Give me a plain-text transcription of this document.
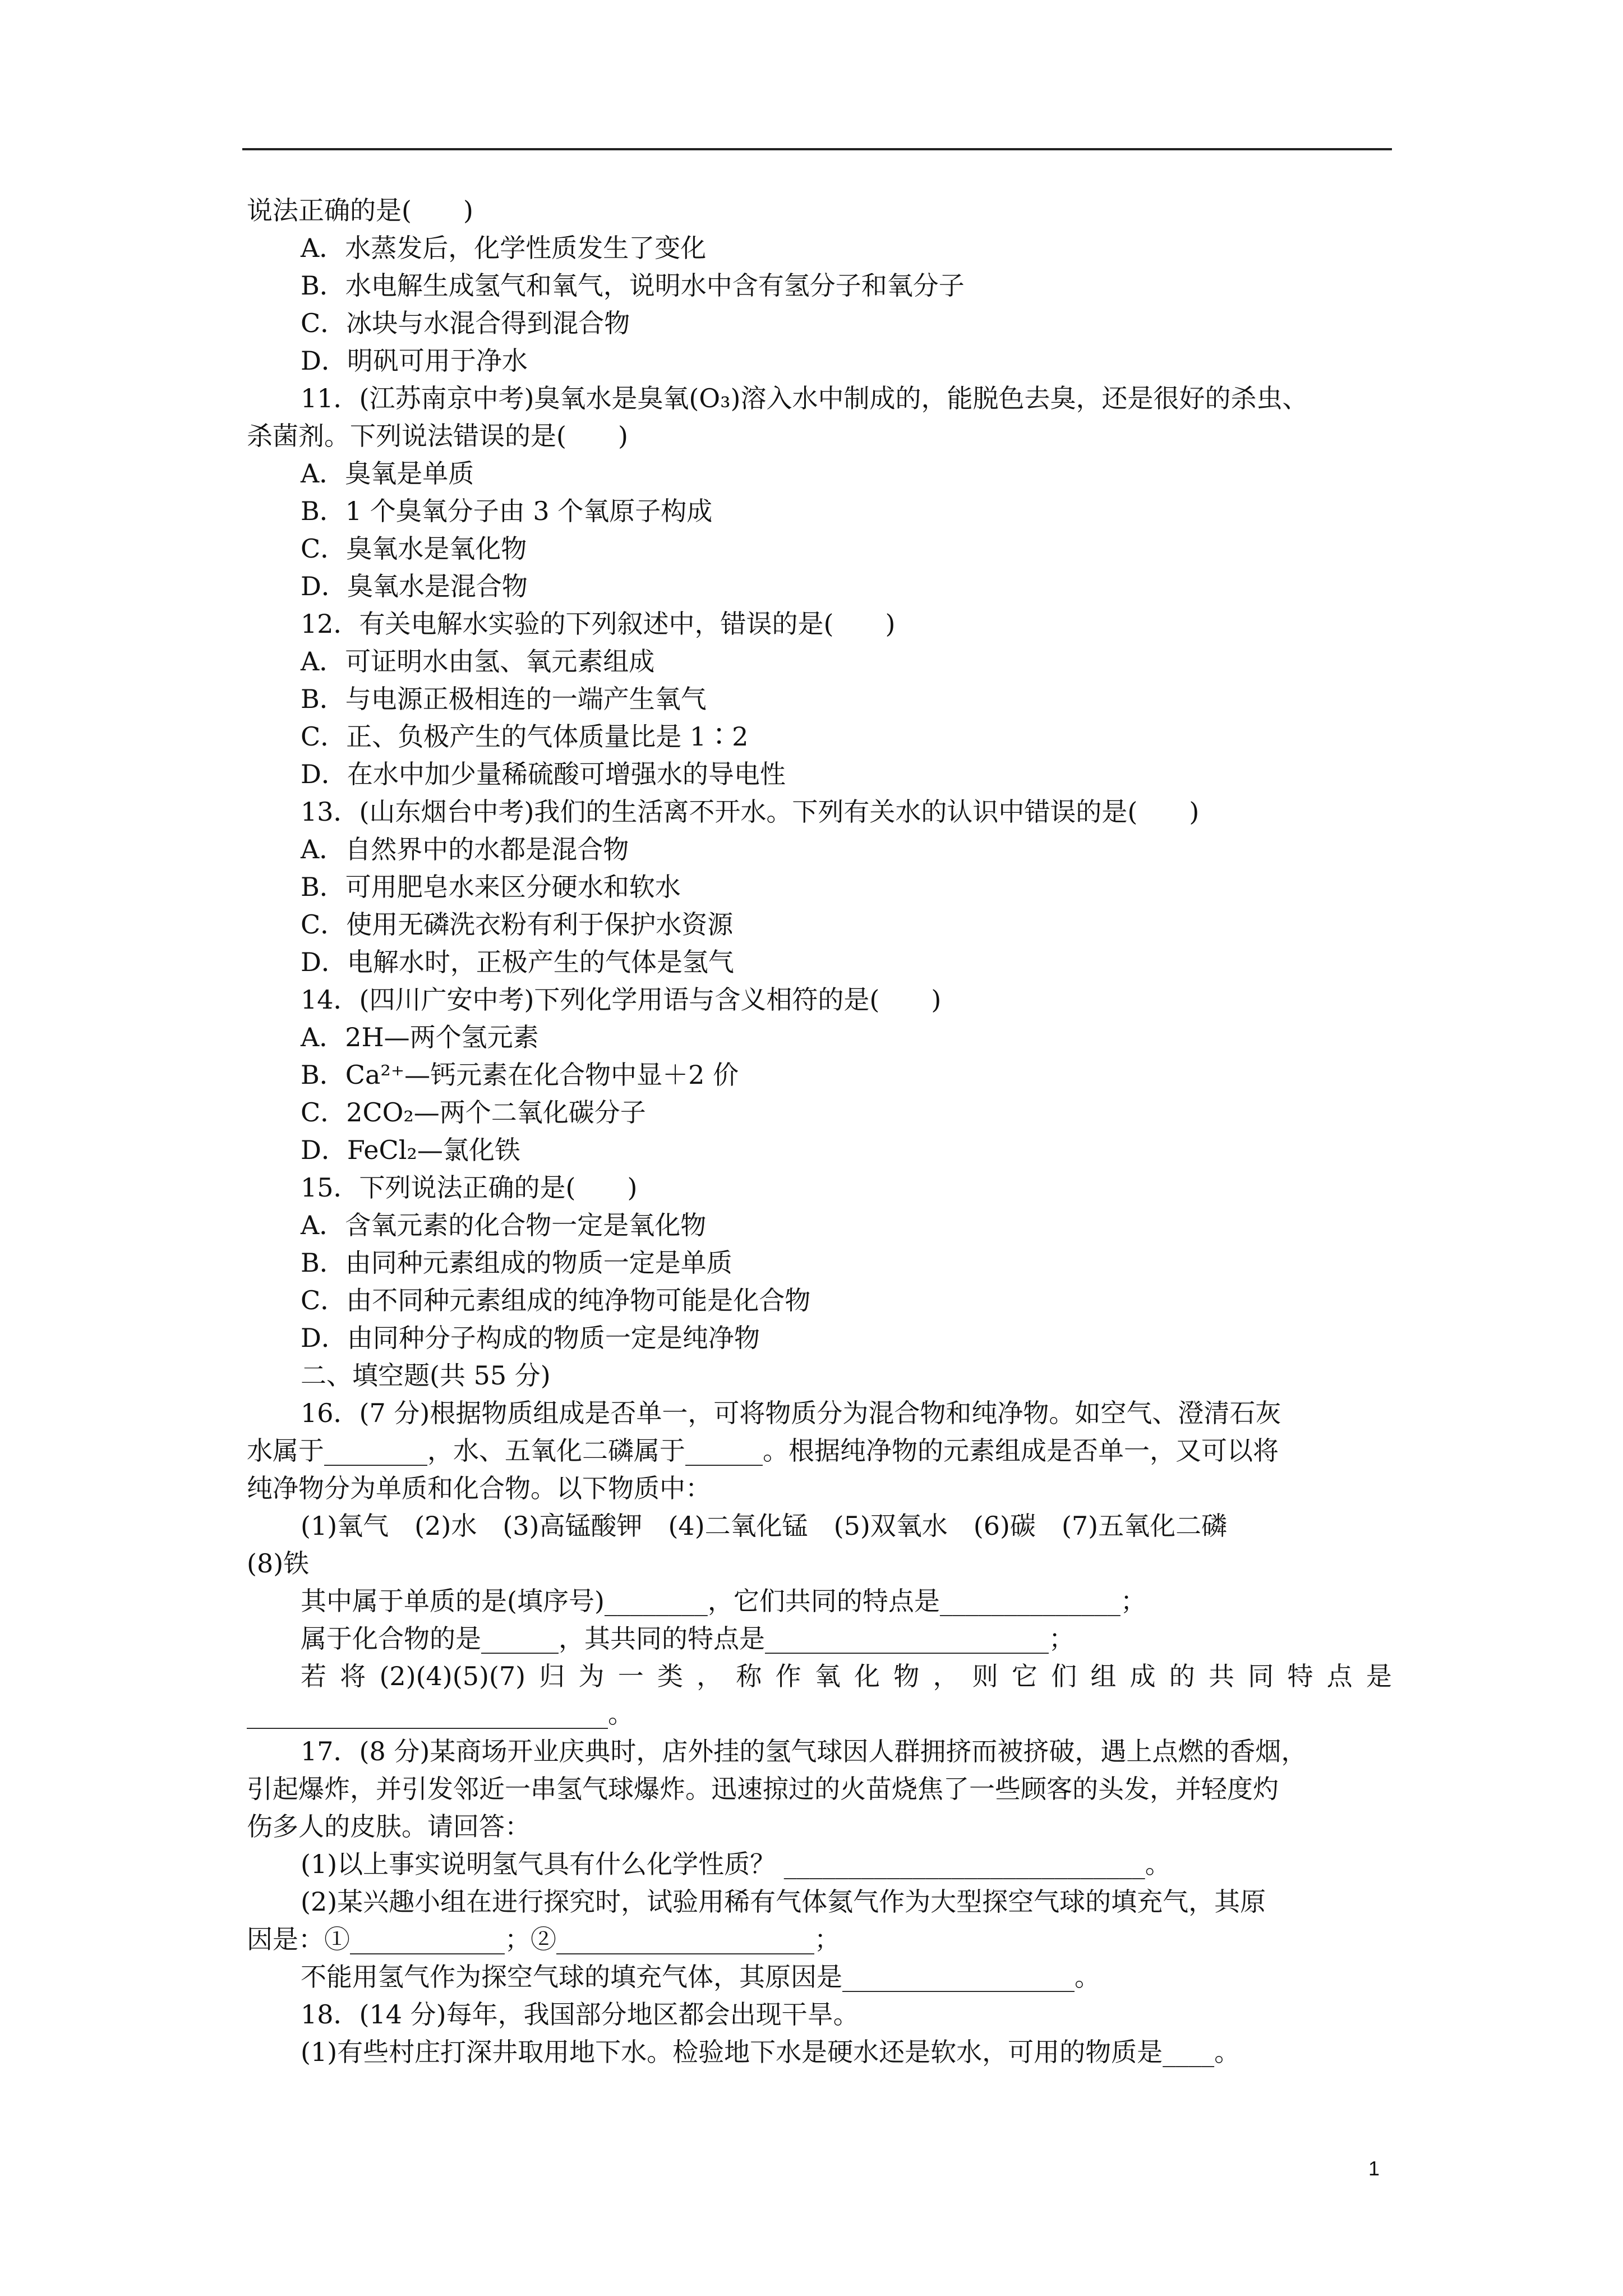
说法正确的是(　　)
A．水蒸发后，化学性质发生了变化
B．水电解生成氢气和氧气，说明水中含有氢分子和氧分子
C．冰块与水混合得到混合物
D．明矾可用于净水
11．(江苏南京中考)臭氧水是臭氧(O₃)溶入水中制成的，能脱色去臭，还是很好的杀虫、
杀菌剂。下列说法错误的是(　　)
A．臭氧是单质
B．1 个臭氧分子由 3 个氧原子构成
C．臭氧水是氧化物
D．臭氧水是混合物
12．有关电解水实验的下列叙述中，错误的是(　　)
A．可证明水由氢、氧元素组成
B．与电源正极相连的一端产生氧气
C．正、负极产生的气体质量比是 1∶2
D．在水中加少量稀硫酸可增强水的导电性
13．(山东烟台中考)我们的生活离不开水。下列有关水的认识中错误的是(　　)
A．自然界中的水都是混合物
B．可用肥皂水来区分硬水和软水
C．使用无磷洗衣粉有利于保护水资源
D．电解水时，正极产生的气体是氢气
14．(四川广安中考)下列化学用语与含义相符的是(　　)
A．2H—两个氢元素
B．Ca²⁺—钙元素在化合物中显＋2 价
C．2CO₂—两个二氧化碳分子
D．FeCl₂—氯化铁
15．下列说法正确的是(　　)
A．含氧元素的化合物一定是氧化物
B．由同种元素组成的物质一定是单质
C．由不同种元素组成的纯净物可能是化合物
D．由同种分子构成的物质一定是纯净物
二、填空题(共 55 分)
16．(7 分)根据物质组成是否单一，可将物质分为混合物和纯净物。如空气、澄清石灰
水属于________，水、五氧化二磷属于______。根据纯净物的元素组成是否单一，又可以将
纯净物分为单质和化合物。以下物质中：
(1)氧气　(2)水　(3)高锰酸钾　(4)二氧化锰　(5)双氧水　(6)碳　(7)五氧化二磷
(8)铁
其中属于单质的是(填序号)________，它们共同的特点是______________；
属于化合物的是______，其共同的特点是______________________；
若 将 (2)(4)(5)(7) 归 为 一 类 ， 称 作 氧 化 物 ， 则 它 们 组 成 的 共 同 特 点 是
____________________________。
17．(8 分)某商场开业庆典时，店外挂的氢气球因人群拥挤而被挤破，遇上点燃的香烟，
引起爆炸，并引发邻近一串氢气球爆炸。迅速掠过的火苗烧焦了一些顾客的头发，并轻度灼
伤多人的皮肤。请回答：
(1)以上事实说明氢气具有什么化学性质？ ____________________________。
(2)某兴趣小组在进行探究时，试验用稀有气体氦气作为大型探空气球的填充气，其原
因是：①____________；②____________________；
不能用氢气作为探空气球的填充气体，其原因是__________________。
18．(14 分)每年，我国部分地区都会出现干旱。
(1)有些村庄打深井取用地下水。检验地下水是硬水还是软水，可用的物质是____。
1
